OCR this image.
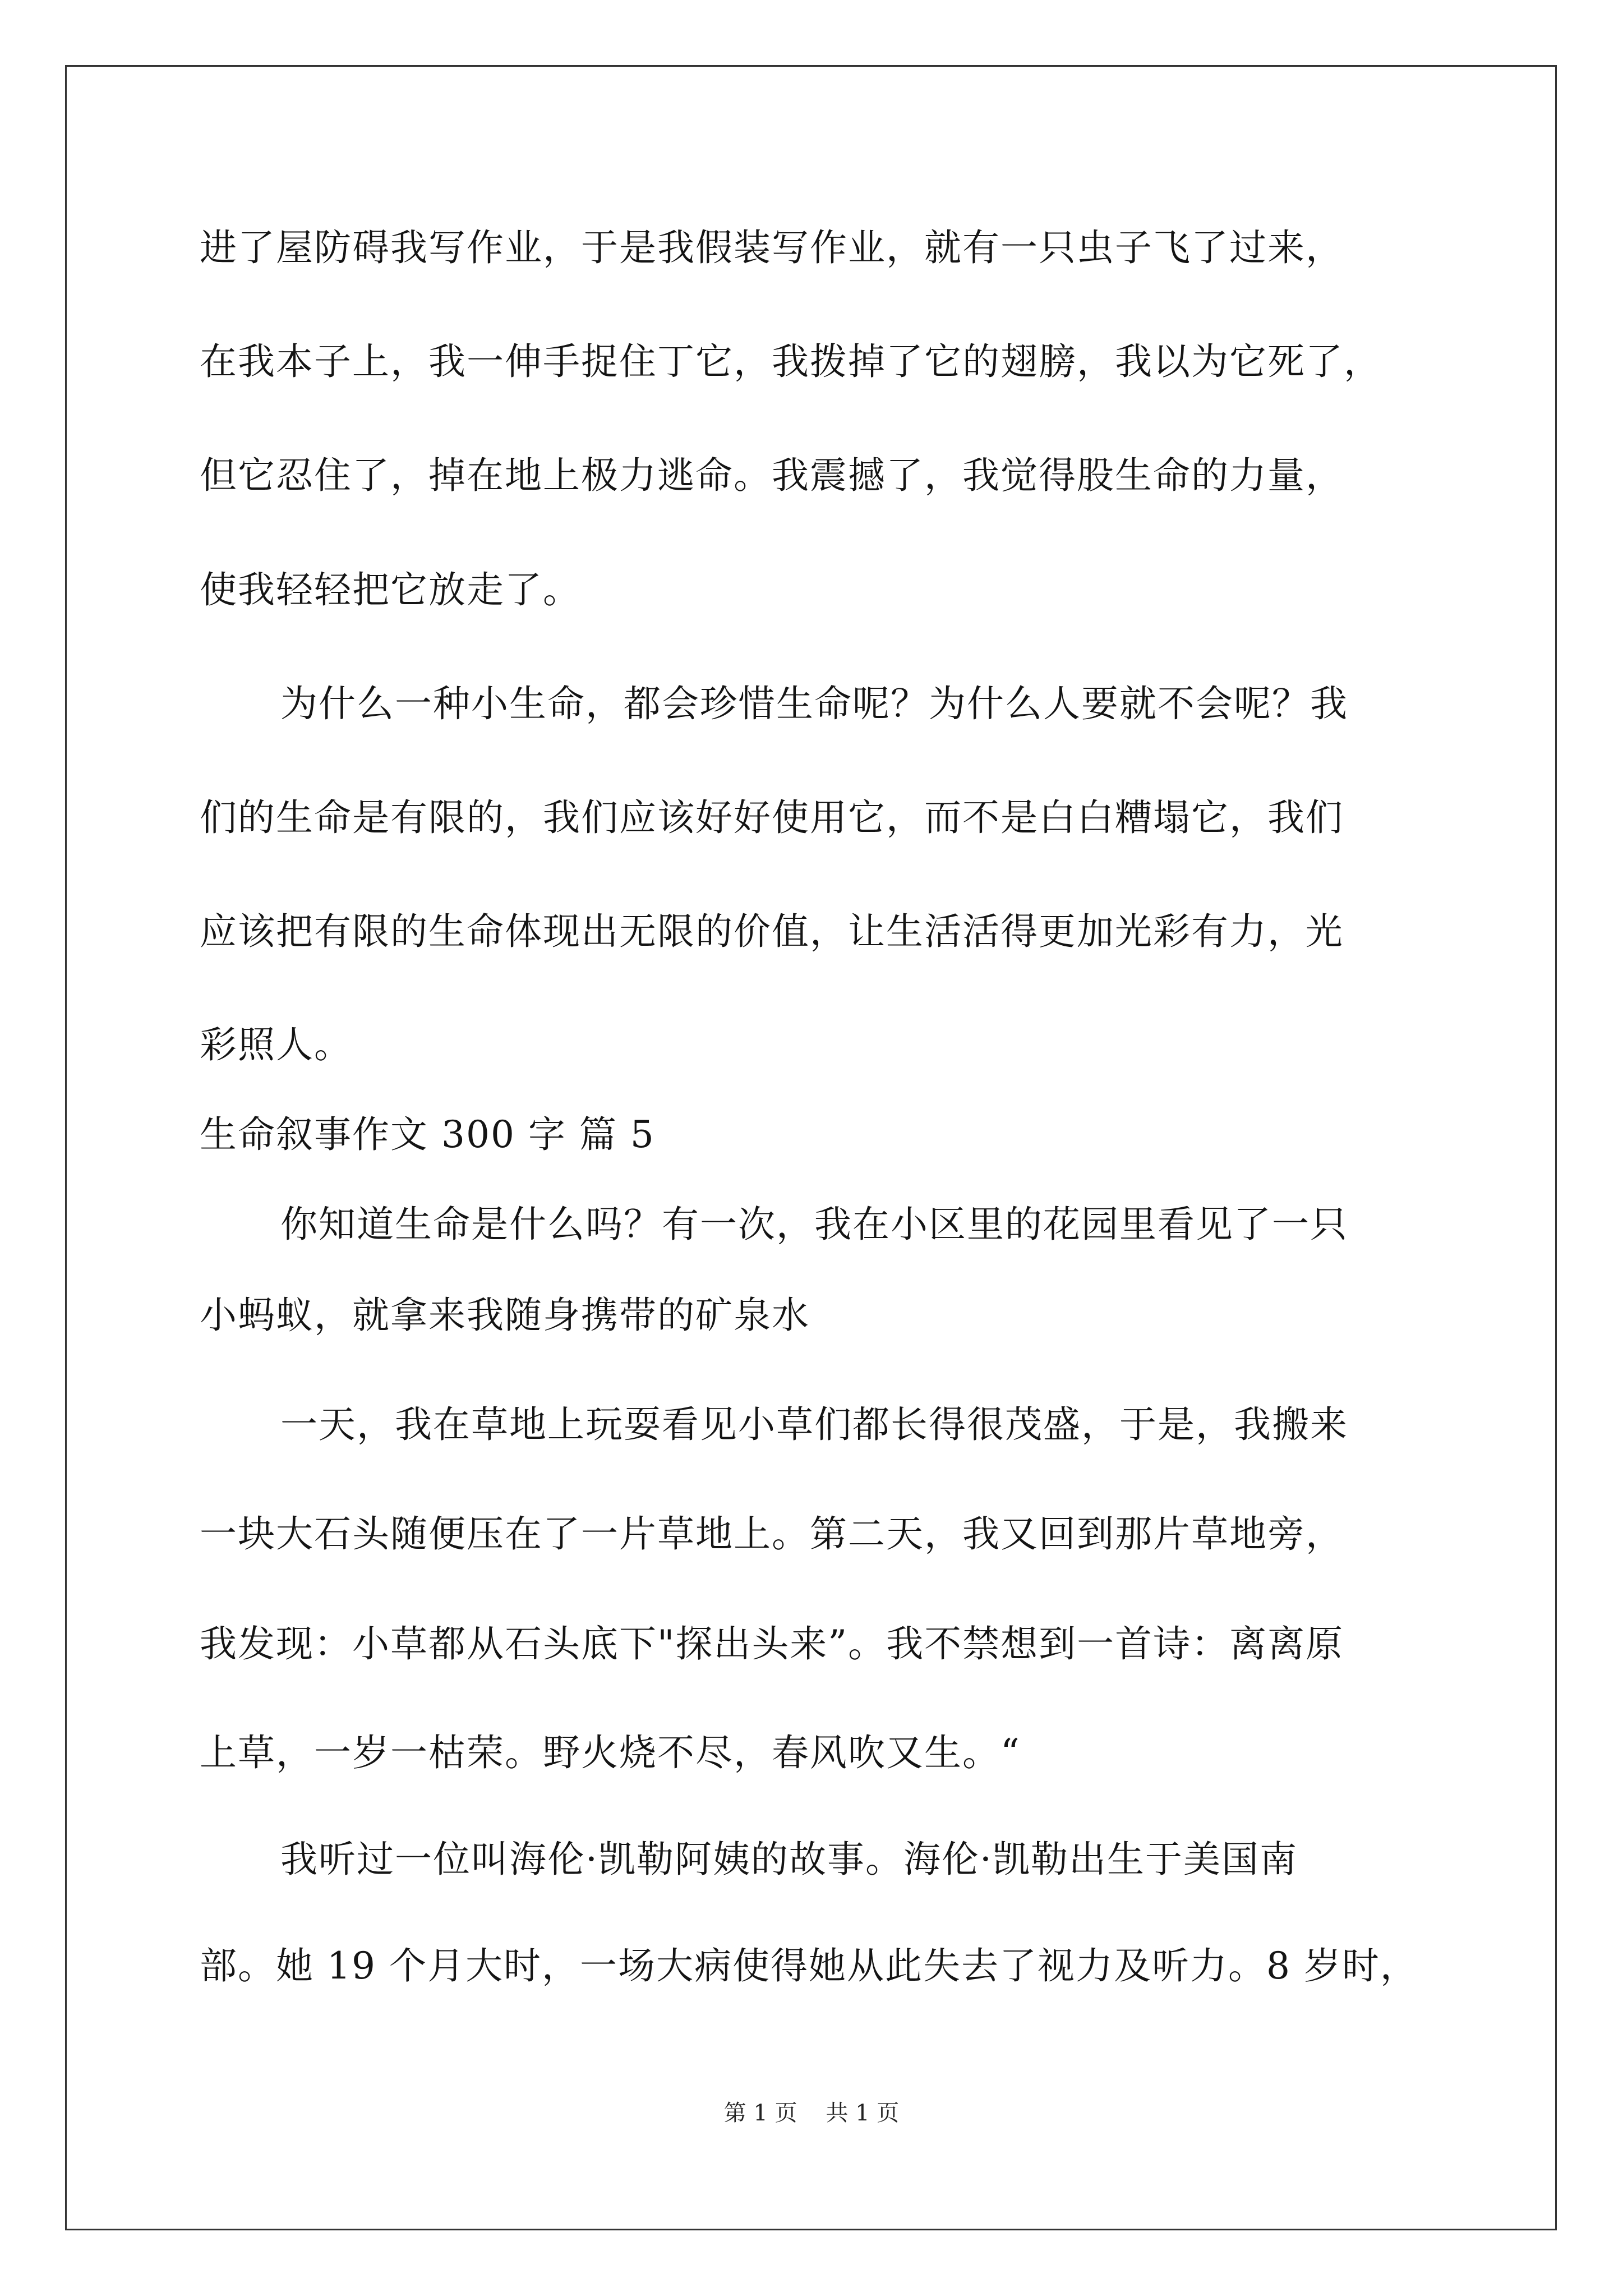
进了屋防碍我写作业，于是我假装写作业，就有一只虫子飞了过来，
在我本子上，我一伸手捉住丁它，我拨掉了它的翅膀，我以为它死了，
但它忍住了，掉在地上极力逃命。我震撼了，我觉得股生命的力量，
使我轻轻把它放走了。
为什么一种小生命，都会珍惜生命呢？为什么人要就不会呢？我
们的生命是有限的，我们应该好好使用它，而不是白白糟塌它，我们
应该把有限的生命体现出无限的价值，让生活活得更加光彩有力，光
彩照人。
生命叙事作文 300 字 篇 5
你知道生命是什么吗？有一次，我在小区里的花园里看见了一只
小蚂蚁，就拿来我随身携带的矿泉水
一天，我在草地上玩耍看见小草们都长得很茂盛，于是，我搬来
一块大石头随便压在了一片草地上。第二天，我又回到那片草地旁，
我发现：小草都从石头底下"探出头来”。我不禁想到一首诗：离离原
上草，一岁一枯荣。野火烧不尽，春风吹又生。“
我听过一位叫海伦·凯勒阿姨的故事。海伦·凯勒出生于美国南
部。她 19 个月大时，一场大病使得她从此失去了视力及听力。8 岁时，
第 1 页    共 1 页
